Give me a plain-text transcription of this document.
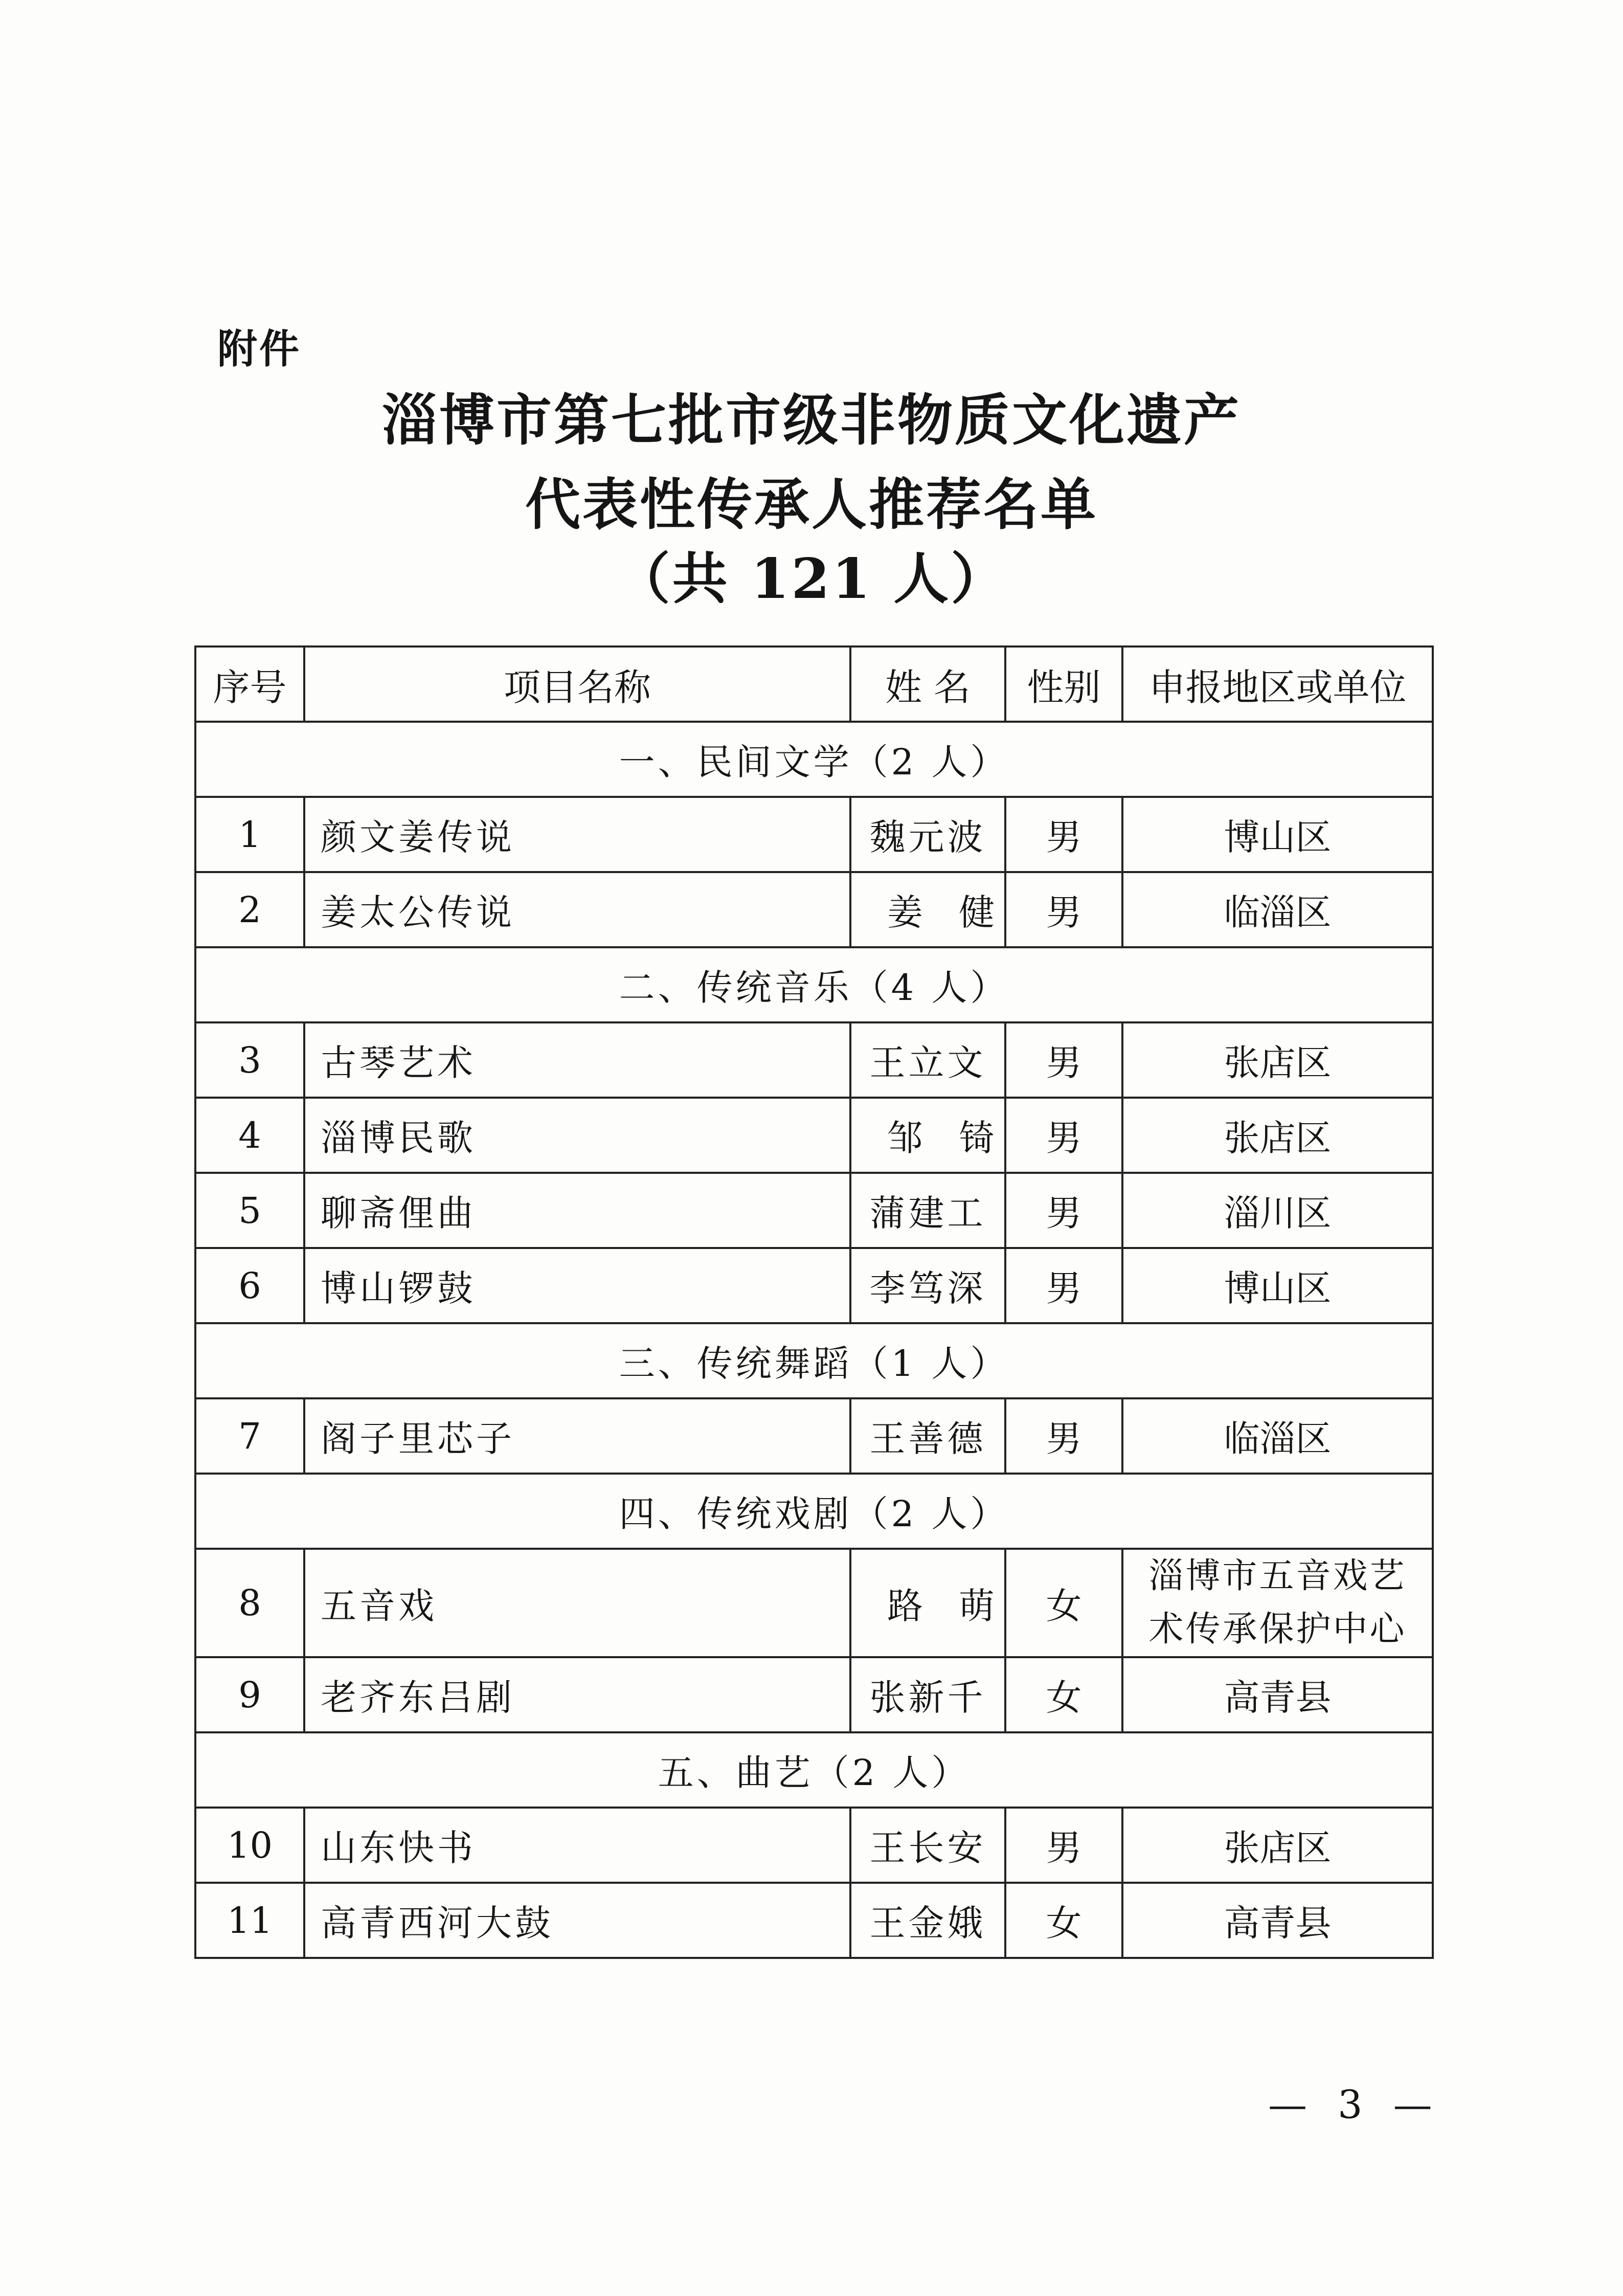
附件
淄博市第七批市级非物质文化遗产
代表性传承人推荐名单
（共 121 人）
序号	项目名称	姓 名	性别	申报地区或单位
一、民间文学（2 人）				
1	颜文姜传说	魏元波	男	博山区
2	姜太公传说	姜健	男	临淄区
二、传统音乐（4 人）				
3	古琴艺术	王立文	男	张店区
4	淄博民歌	邹锜	男	张店区
5	聊斋俚曲	蒲建工	男	淄川区
6	博山锣鼓	李笃深	男	博山区
三、传统舞蹈（1 人）				
7	阁子里芯子	王善德	男	临淄区
四、传统戏剧（2 人）				
8	五音戏	路萌	女	淄博市五音戏艺
术传承保护中心
9	老齐东吕剧	张新千	女	高青县
五、曲艺（2 人）				
10	山东快书	王长安	男	张店区
11	高青西河大鼓	王金娥	女	高青县
— 3 —
